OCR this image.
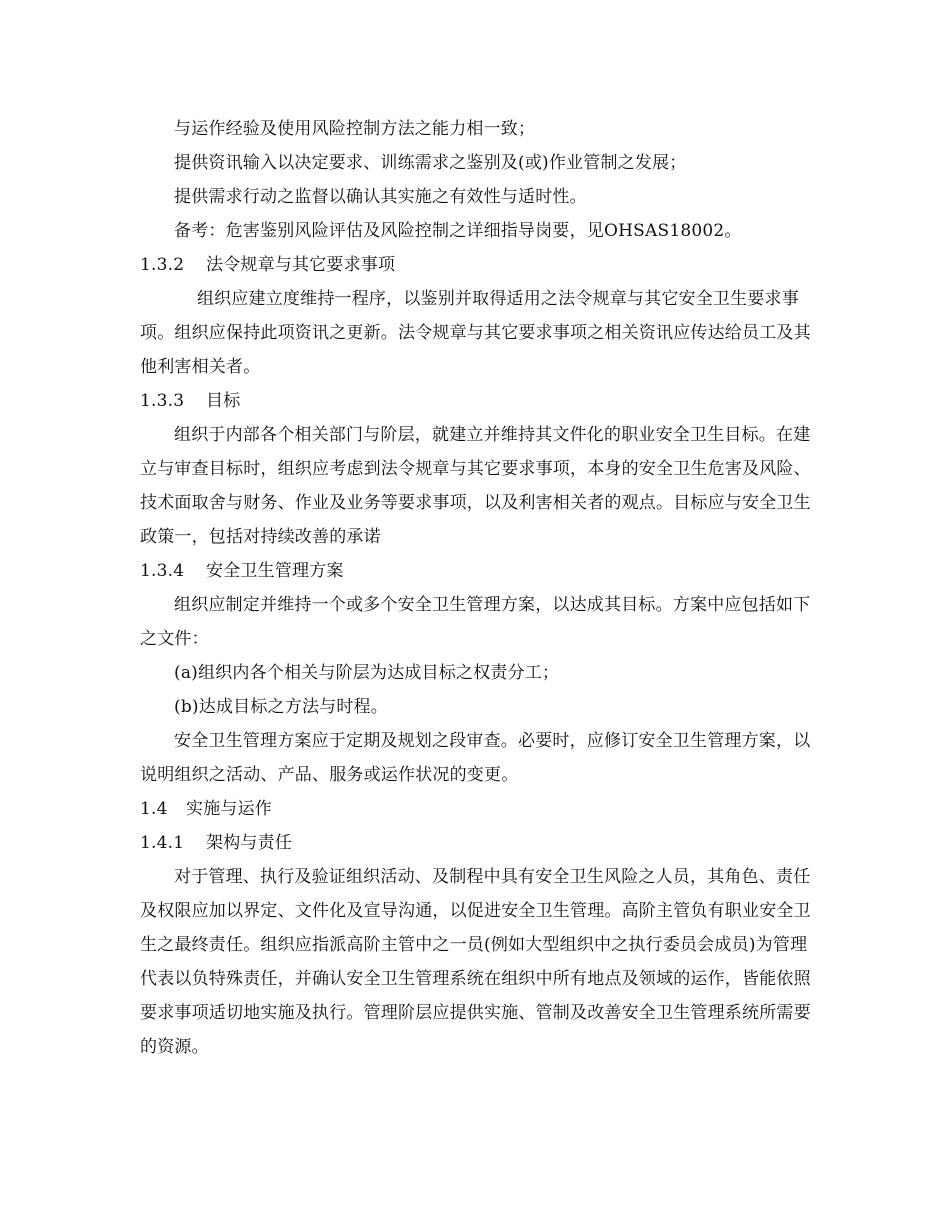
与运作经验及使用风险控制方法之能力相一致；

提供资讯输入以决定要求、训练需求之鉴别及(或)作业管制之发展；

提供需求行动之监督以确认其实施之有效性与适时性。

备考：危害鉴别风险评估及风险控制之详细指导岗要，见OHSAS18002。

1.3.2 法令规章与其它要求事项

组织应建立度维持一程序，以鉴别并取得适用之法令规章与其它安全卫生要求事项。组织应保持此项资讯之更新。法令规章与其它要求事项之相关资讯应传达给员工及其他利害相关者。

1.3.3 目标

组织于内部各个相关部门与阶层，就建立并维持其文件化的职业安全卫生目标。在建立与审查目标时，组织应考虑到法令规章与其它要求事项，本身的安全卫生危害及风险、技术面取舍与财务、作业及业务等要求事项，以及利害相关者的观点。目标应与安全卫生政策一，包括对持续改善的承诺

1.3.4 安全卫生管理方案

组织应制定并维持一个或多个安全卫生管理方案，以达成其目标。方案中应包括如下之文件：

(a)组织内各个相关与阶层为达成目标之权责分工；

(b)达成目标之方法与时程。

安全卫生管理方案应于定期及规划之段审查。必要时，应修订安全卫生管理方案，以说明组织之活动、产品、服务或运作状况的变更。

1.4 实施与运作

1.4.1 架构与责任

对于管理、执行及验证组织活动、及制程中具有安全卫生风险之人员，其角色、责任及权限应加以界定、文件化及宣导沟通，以促进安全卫生管理。高阶主管负有职业安全卫生之最终责任。组织应指派高阶主管中之一员(例如大型组织中之执行委员会成员)为管理代表以负特殊责任，并确认安全卫生管理系统在组织中所有地点及领域的运作，皆能依照要求事项适切地实施及执行。管理阶层应提供实施、管制及改善安全卫生管理系统所需要的资源。
